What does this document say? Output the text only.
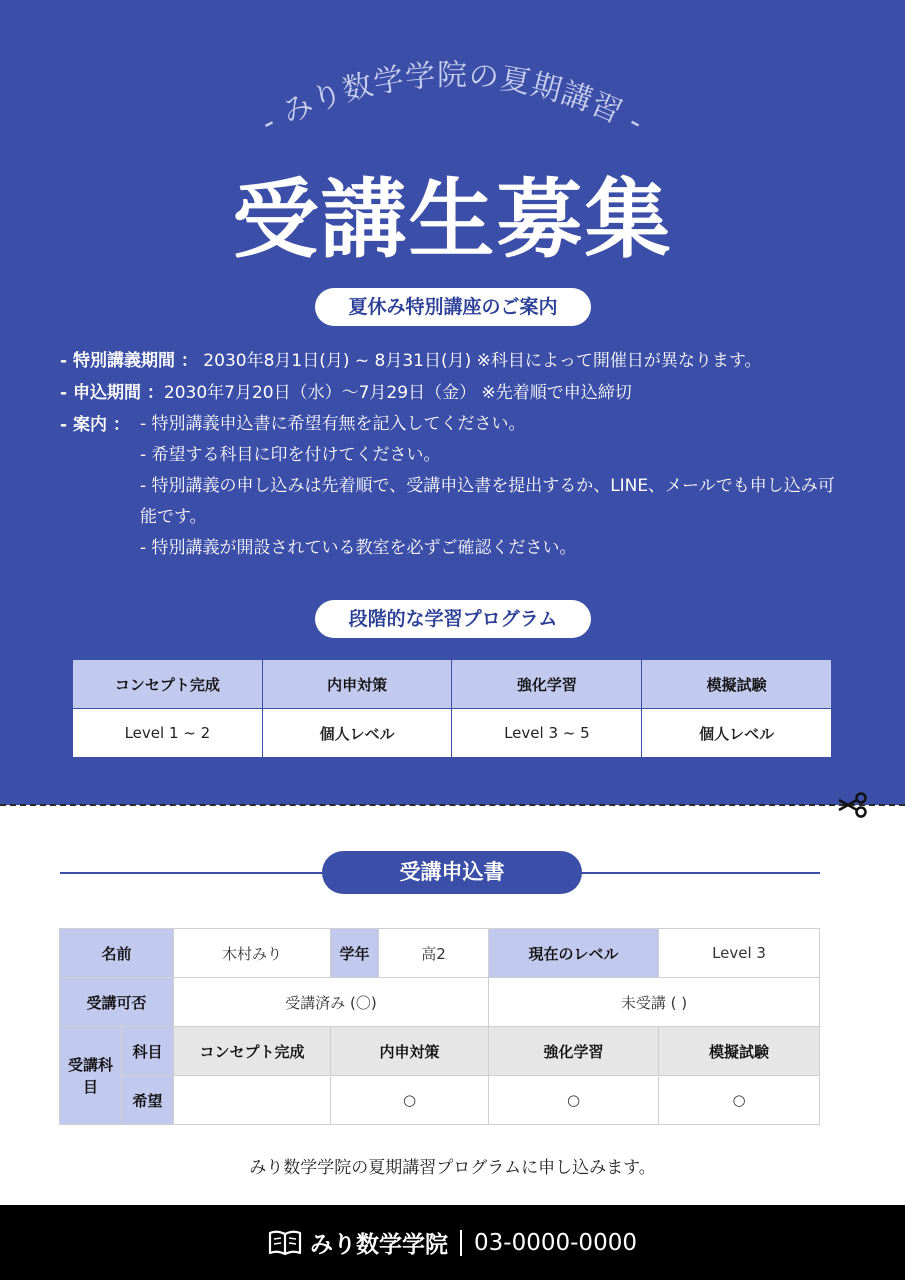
- みり数学学院の夏期講習 -
受講生募集
夏休み特別講座のご案内
- 特別講義期間 ： 2030年8月1日(月) ~ 8月31日(月) ※科目によって開催日が異なります。
- 申込期間 ：2030年7月20日（水）～7月29日（金） ※先着順で申込締切
- 案内 ： - 特別講義申込書に希望有無を記入してください。
- 希望する科目に印を付けてください。
- 特別講義の申し込みは先着順で、受講申込書を提出するか、LINE、メールでも申し込み可能です。
- 特別講義が開設されている教室を必ずご確認ください。
段階的な学習プログラム
コンセプト完成	内申対策	強化学習	模擬試験
Level 1 ~ 2	個人レベル	Level 3 ~ 5	個人レベル
受講申込書
名前		木村みり	学年	高2	現在のレベル	Level 3
受講可否		受講済み (〇)			未受講 ( )	
受講科目	科目	コンセプト完成	内申対策		強化学習	模擬試験
	希望		○		○	○
みり数学学院の夏期講習プログラムに申し込みます。
みり数学学院 03-0000-0000
